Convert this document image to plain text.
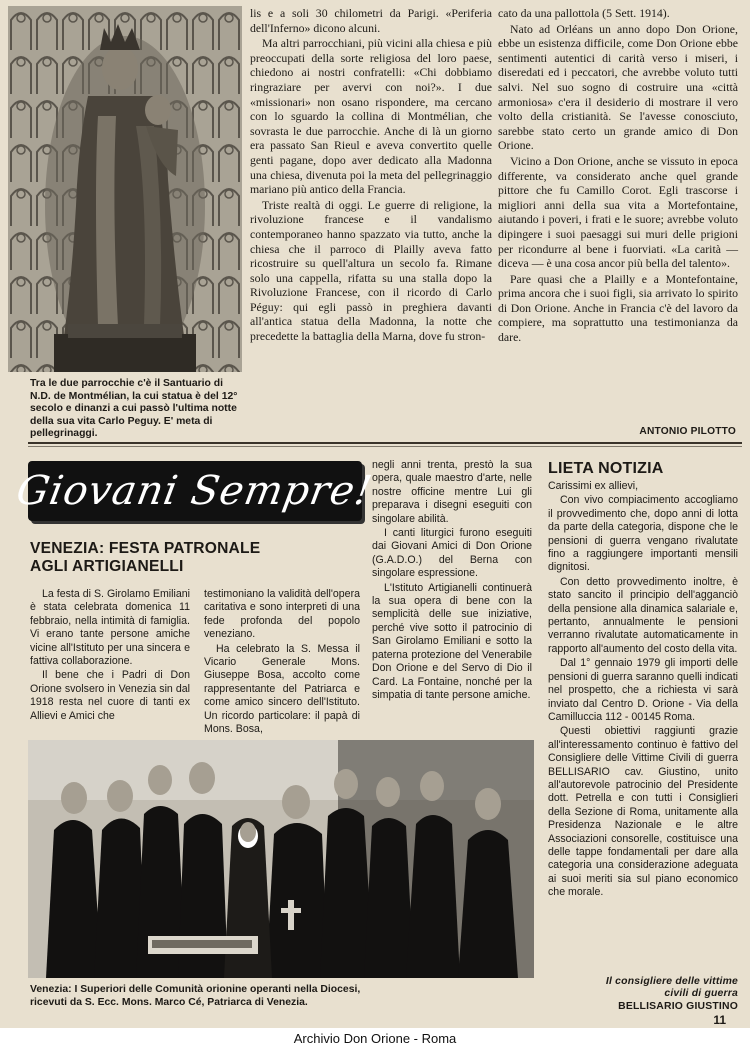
Tra le due parrocchie c'è il Santuario di N.D. de Montmélian, la cui statua è del 12° secolo e dinanzi a cui passò l'ultima notte della sua vita Carlo Peguy. E' meta di pellegrinaggi.

lis e a soli 30 chilometri da Parigi. «Periferia dell'Inferno» dicono alcuni.

Ma altri parrocchiani, più vicini alla chiesa e più preoccupati della sorte religiosa del loro paese, chiedono ai nostri confratelli: «Chi dobbiamo ringraziare per avervi con noi?». I due «missionari» non osano rispondere, ma cercano con lo sguardo la collina di Montmélian, che sovrasta le due parrocchie. Anche di là un giorno era passato San Rieul e aveva convertito quelle genti pagane, dopo aver dedicato alla Madonna una chiesa, divenuta poi la meta del pellegrinaggio mariano più antico della Francia.

Triste realtà di oggi. Le guerre di religione, la rivoluzione francese e il vandalismo contemporaneo hanno spazzato via tutto, anche la chiesa che il parroco di Plailly aveva fatto ricostruire su quell'altura un secolo fa. Rimane solo una cappella, rifatta su una stalla dopo la Rivoluzione Francese, con il ricordo di Carlo Péguy: qui egli passò in preghiera davanti all'antica statua della Madonna, la notte che precedette la battaglia della Marna, dove fu stron-

cato da una pallottola (5 Sett. 1914).

Nato ad Orléans un anno dopo Don Orione, ebbe un esistenza difficile, come Don Orione ebbe sentimenti autentici di carità verso i miseri, i diseredati ed i peccatori, che avrebbe voluto tutti salvi. Nel suo sogno di costruire una «città armoniosa» c'era il desiderio di mostrare il vero volto della cristianità. Se l'avesse conosciuto, sarebbe stato certo un grande amico di Don Orione.

Vicino a Don Orione, anche se vissuto in epoca differente, va considerato anche quel grande pittore che fu Camillo Corot. Egli trascorse i migliori anni della sua vita a Mortefontaine, aiutando i poveri, i frati e le suore; avrebbe voluto dipingere i suoi paesaggi sui muri delle prigioni per ricondurre al bene i fuorviati. «La carità — diceva — è una cosa ancor più bella del talento».

Pare quasi che a Plailly e a Montefontaine, prima ancora che i suoi figli, sia arrivato lo spirito di Don Orione. Anche in Francia c'è del lavoro da compiere, ma soprattutto una testimonianza da dare.

ANTONIO PILOTTO
Giovani Sempre!
VENEZIA: FESTA PATRONALE
AGLI ARTIGIANELLI

La festa di S. Girolamo Emiliani è stata celebrata domenica 11 febbraio, nella intimità di famiglia. Vi erano tante persone amiche vicine all'Istituto per una sincera e fattiva collaborazione.

Il bene che i Padri di Don Orione svolsero in Venezia sin dal 1918 resta nel cuore di tanti ex Allievi e Amici che

testimoniano la validità dell'opera caritativa e sono interpreti di una fede profonda del popolo veneziano.

Ha celebrato la S. Messa il Vicario Generale Mons. Giuseppe Bosa, accolto come rappresentante del Patriarca e come amico sincero dell'Istituto. Un ricordo particolare: il papà di Mons. Bosa,

negli anni trenta, prestò la sua opera, quale maestro d'arte, nelle nostre officine mentre Lui gli preparava i disegni eseguiti con singolare abilità.

I canti liturgici furono eseguiti dai Giovani Amici di Don Orione (G.A.D.O.) del Berna con singolare espressione.

L'Istituto Artigianelli continuerà la sua opera di bene con la semplicità delle sue iniziative, perché vive sotto il patrocinio di San Girolamo Emiliani e sotto la paterna protezione del Venerabile Don Orione e del Servo di Dio il Card. La Fontaine, nonché per la simpatia di tante persone amiche.

Venezia: I Superiori delle Comunità orionine operanti nella Diocesi, ricevuti da S. Ecc. Mons. Marco Cé, Patriarca di Venezia.
LIETA NOTIZIA

Carissimi ex allievi,

Con vivo compiacimento accogliamo il provvedimento che, dopo anni di lotta da parte della categoria, dispone che le pensioni di guerra vengano rivalutate fino a raggiungere importanti mensili dignitosi.

Con detto provvedimento inoltre, è stato sancito il principio dell'agganciò della pensione alla dinamica salariale e, pertanto, annualmente le pensioni verranno rivalutate automaticamente in rapporto all'aumento del costo della vita.

Dal 1° gennaio 1979 gli importi delle pensioni di guerra saranno quelli indicati nel prospetto, che a richiesta vi sarà inviato dal Centro D. Orione - Via della Camilluccia 112 - 00145 Roma.

Questi obiettivi raggiunti grazie all'interessamento continuo è fattivo del Consigliere delle Vittime Civili di guerra BELLISARIO cav. Giustino, unito all'autorevole patrocinio del Presidente dott. Petrella e con tutti i Consiglieri della Sezione di Roma, unitamente alla Presidenza Nazionale e le altre Associazioni consorelle, costituisce una delle tappe fondamentali per dare alla categoria una considerazione adeguata ai suoi meriti sia sul piano economico che morale.

Il consigliere delle vittime
civili di guerra
BELLISARIO GIUSTINO
11
Archivio Don Orione - Roma
